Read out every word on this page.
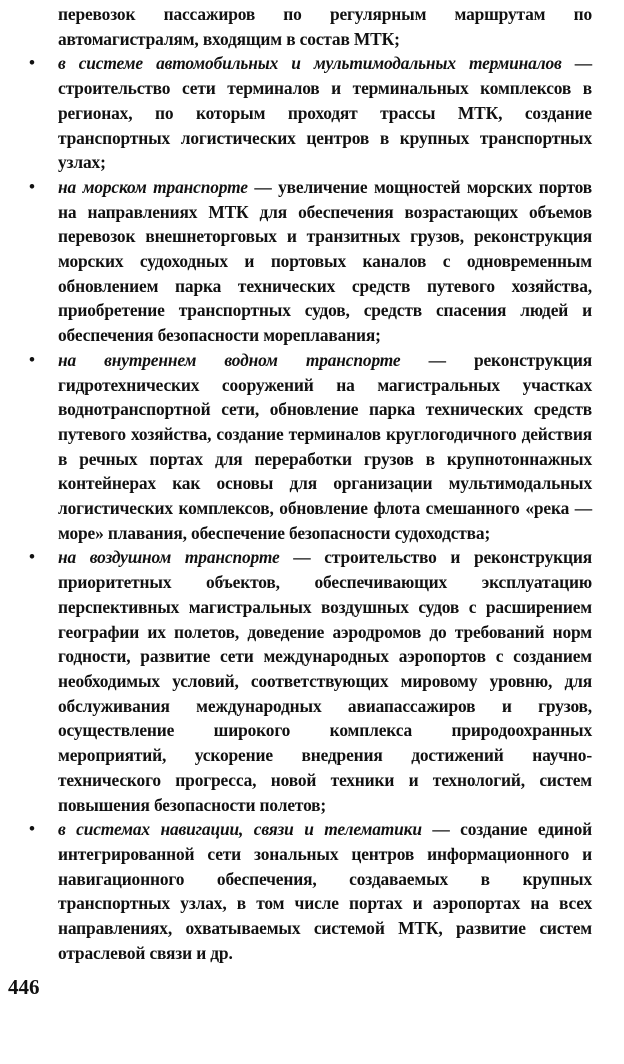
перевозок пассажиров по регулярным маршрутам по автомагистралям, входящим в состав МТК;

• в системе автомобильных и мультимодальных терминалов — строительство сети терминалов и терминальных комплексов в регионах, по которым проходят трассы МТК, создание транспортных логистических центров в крупных транспортных узлах;

• на морском транспорте — увеличение мощностей морских портов на направлениях МТК для обеспечения возрастающих объемов перевозок внешнеторговых и транзитных грузов, реконструкция морских судоходных и портовых каналов с одновременным обновлением парка технических средств путевого хозяйства, приобретение транспортных судов, средств спасения людей и обеспечения безопасности мореплавания;

• на внутреннем водном транспорте — реконструкция гидротехнических сооружений на магистральных участках воднотранспортной сети, обновление парка технических средств путевого хозяйства, создание терминалов круглогодичного действия в речных портах для переработки грузов в крупнотоннажных контейнерах как основы для организации мультимодальных логистических комплексов, обновление флота смешанного «река — море» плавания, обеспечение безопасности судоходства;

• на воздушном транспорте — строительство и реконструкция приоритетных объектов, обеспечивающих эксплуатацию перспективных магистральных воздушных судов с расширением географии их полетов, доведение аэродромов до требований норм годности, развитие сети международных аэропортов с созданием необходимых условий, соответствующих мировому уровню, для обслуживания международных авиапассажиров и грузов, осуществление широкого комплекса природоохранных мероприятий, ускорение внедрения достижений научно-технического прогресса, новой техники и технологий, систем повышения безопасности полетов;

• в системах навигации, связи и телематики — создание единой интегрированной сети зональных центров информационного и навигационного обеспечения, создаваемых в крупных транспортных узлах, в том числе портах и аэропортах на всех направлениях, охватываемых системой МТК, развитие систем отраслевой связи и др.

446
